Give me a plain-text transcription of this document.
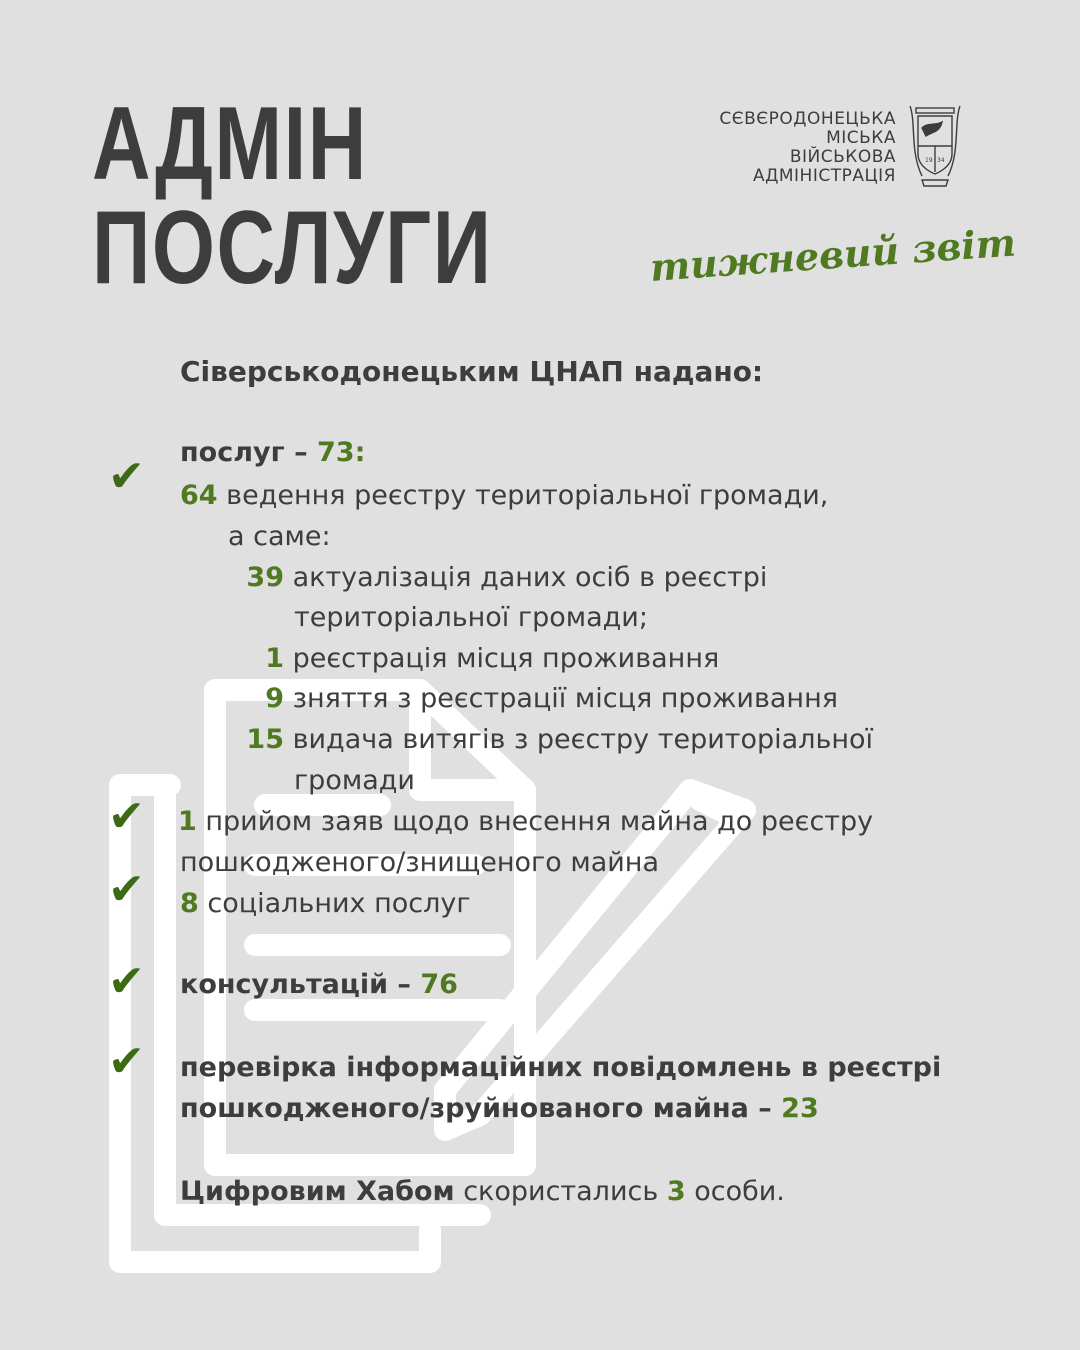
АДМІН
ПОСЛУГИ
СЄВЄРОДОНЕЦЬКА
МІСЬКА
ВІЙСЬКОВА
АДМІНІСТРАЦІЯ
19 34
тижневий звіт
Сіверськодонецьким ЦНАП надано:
✔
✔
✔
✔
✔
послуг – 73:
64 ведення реєстру територіальної громади,
а саме:
39 актуалізація даних осіб в реєстрі
територіальної громади;
1 реєстрація місця проживання
9 зняття з реєстрації місця проживання
15 видача витягів з реєстру територіальної
громади
1 прийом заяв щодо внесення майна до реєстру
пошкодженого/знищеного майна
8 соціальних послуг
консультацій – 76
перевірка інформаційних повідомлень в реєстрі
пошкодженого/зруйнованого майна – 23
Цифровим Хабом скористались 3 особи.
